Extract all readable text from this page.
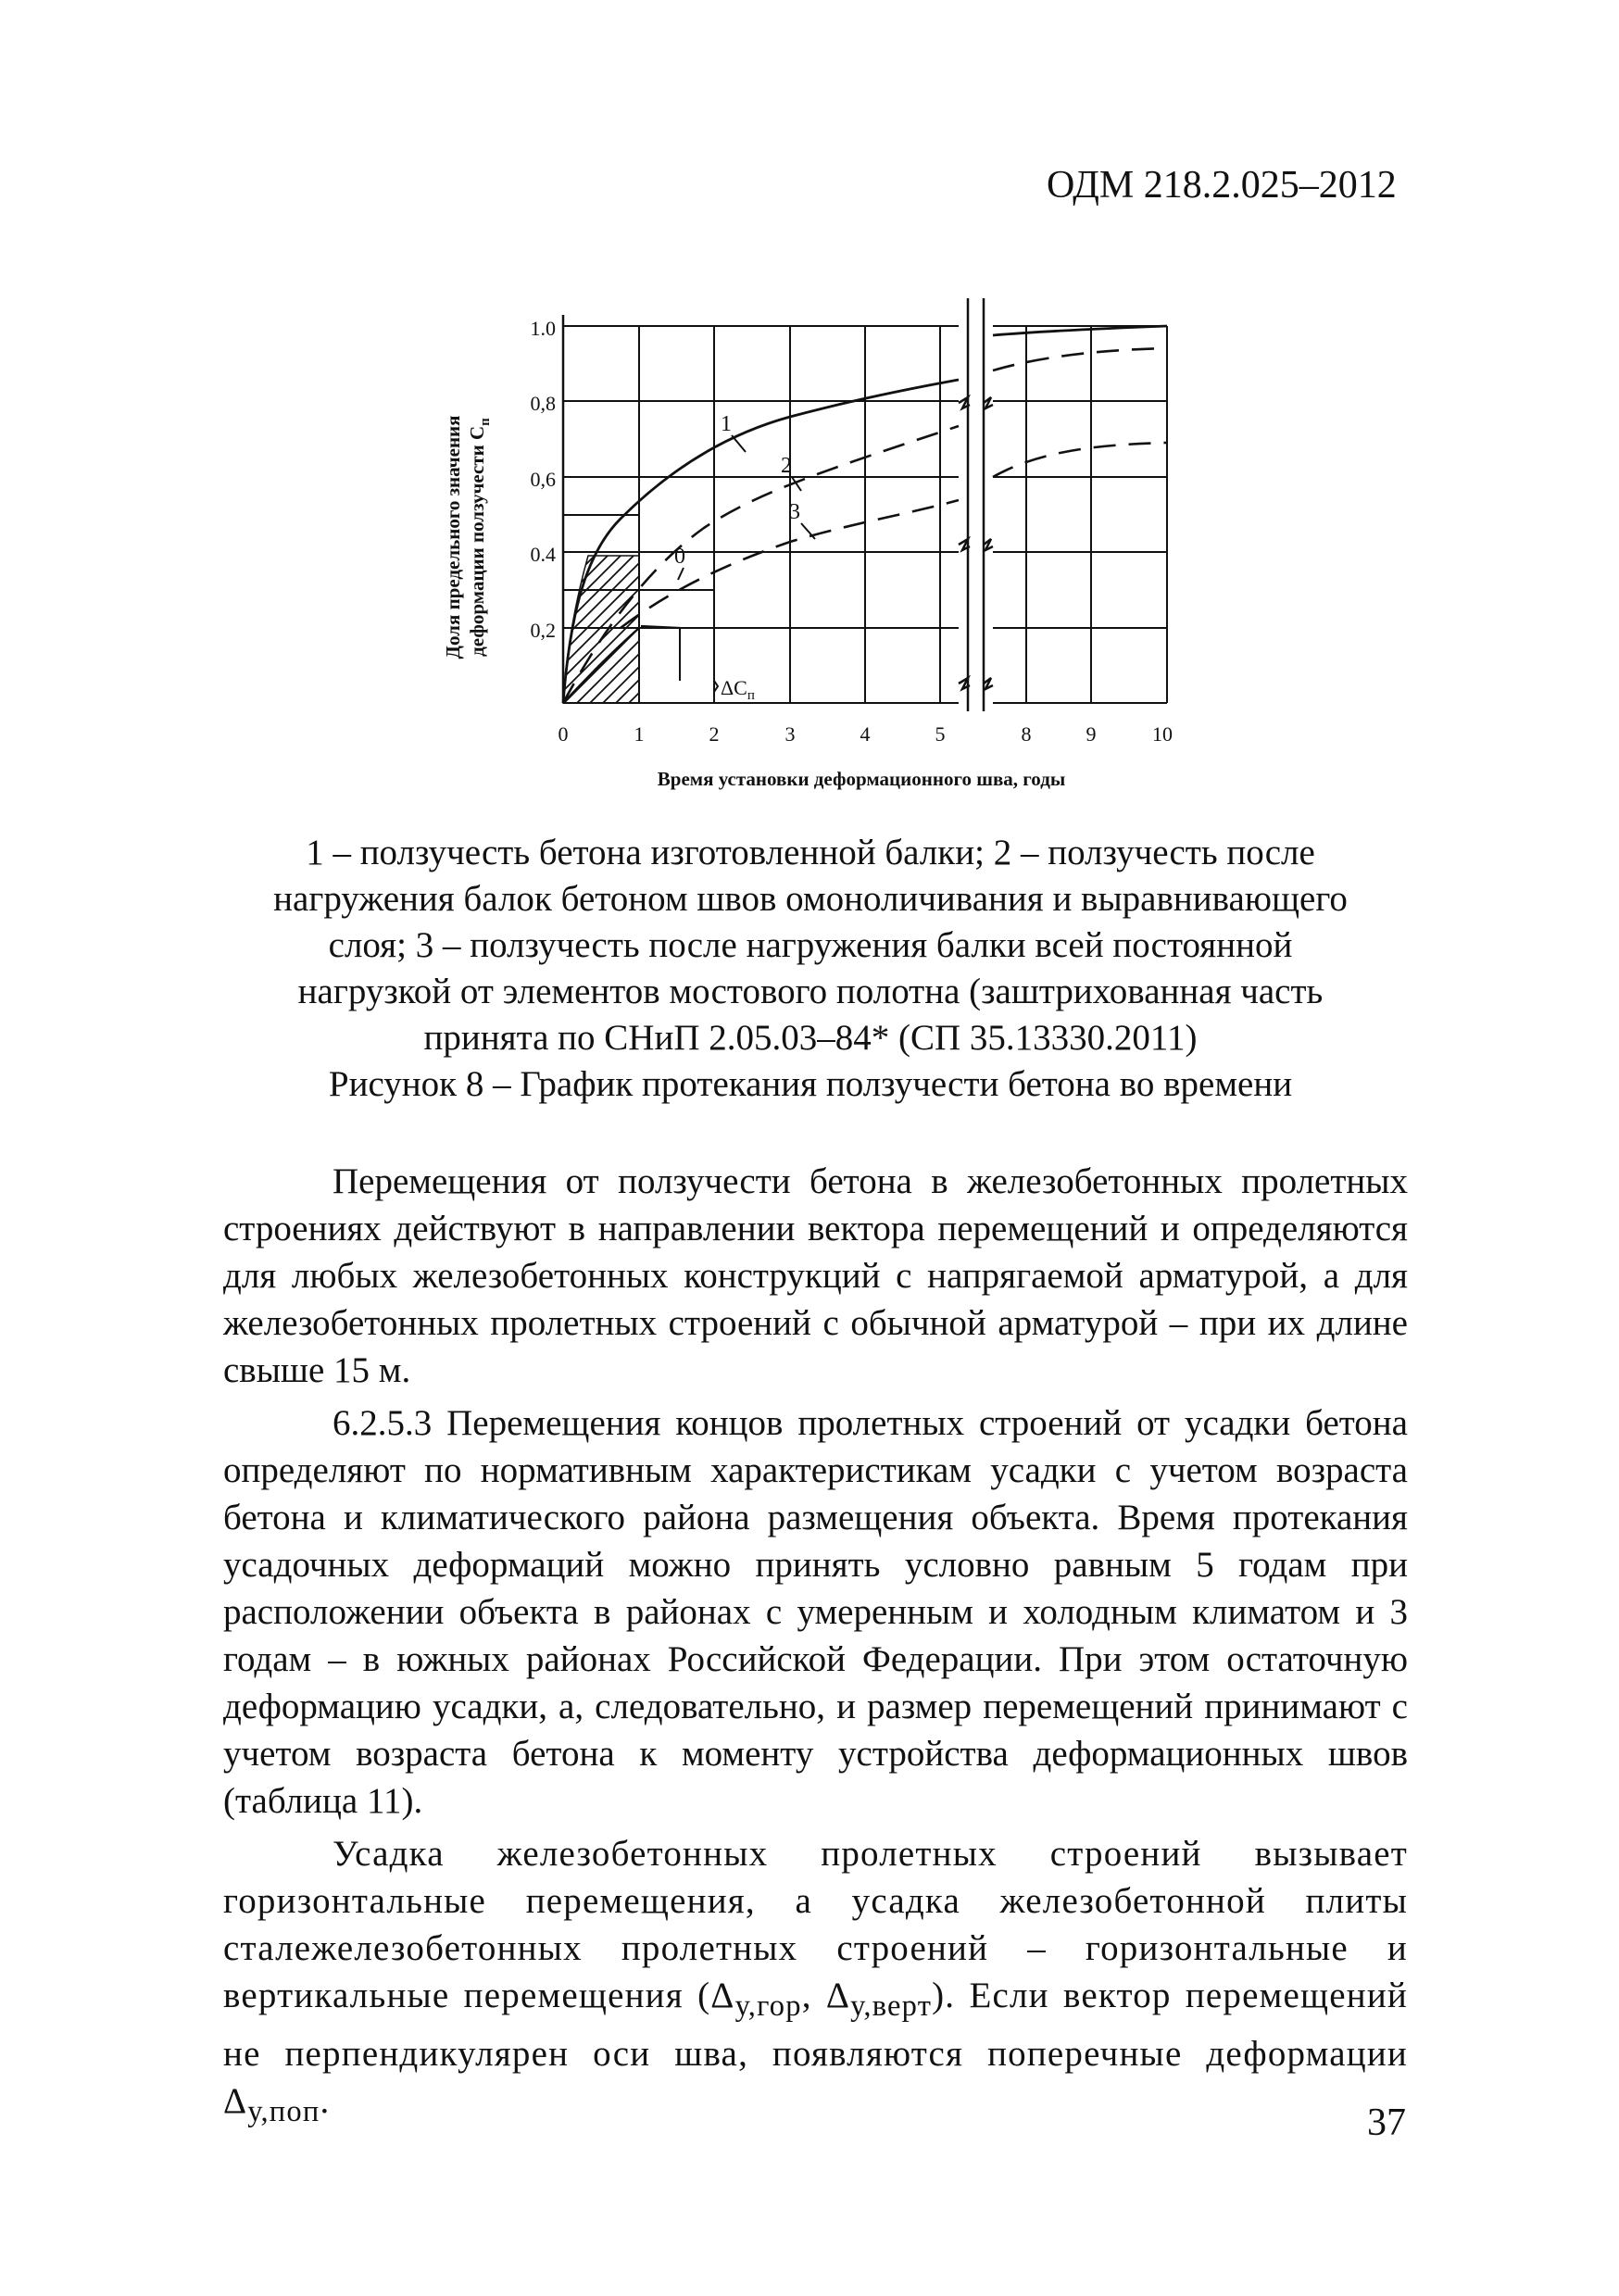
ОДМ 218.2.025–2012
Доля предельного значения деформации ползучести $C_п$	1
2
3
0
$\Delta C_п$
1.0
0,8
0,6
0.4
0,2
0	1	2	3	4	5	8	9	10
Время установки деформационного шва, годы

1 – ползучесть бетона изготовленной балки; 2 – ползучесть после

нагружения балок бетоном швов омоноличивания и выравнивающего

слоя; 3 – ползучесть после нагружения балки всей постоянной

нагрузкой от элементов мостового полотна (заштрихованная часть

принята по СНиП 2.05.03–84* (СП 35.13330.2011)

Рисунок 8 – График протекания ползучести бетона во времени

Перемещения от ползучести бетона в железобетонных пролетных строениях действуют в направлении вектора перемещений и определяются для любых железобетонных конструкций с напрягаемой арматурой, а для железобетонных пролетных строений с обычной арматурой – при их длине свыше 15 м.

6.2.5.3 Перемещения концов пролетных строений от усадки бетона определяют по нормативным характеристикам усадки с учетом возраста бетона и климатического района размещения объекта. Время протекания усадочных деформаций можно принять условно равным 5 годам при расположении объекта в районах с умеренным и холодным климатом и 3 годам – в южных районах Российской Федерации. При этом остаточную деформацию усадки, а, следовательно, и размер перемещений принимают с учетом возраста бетона к моменту устройства деформационных швов (таблица 11).

Усадка железобетонных пролетных строений вызывает горизонтальные перемещения, а усадка железобетонной плиты сталежелезобетонных пролетных строений – горизонтальные и вертикальные перемещения ($\Delta_{у,гор}$, $\Delta_{у,верт}$). Если вектор перемещений не перпендикулярен оси шва, появляются поперечные деформации $\Delta_{у,поп}$.

37
